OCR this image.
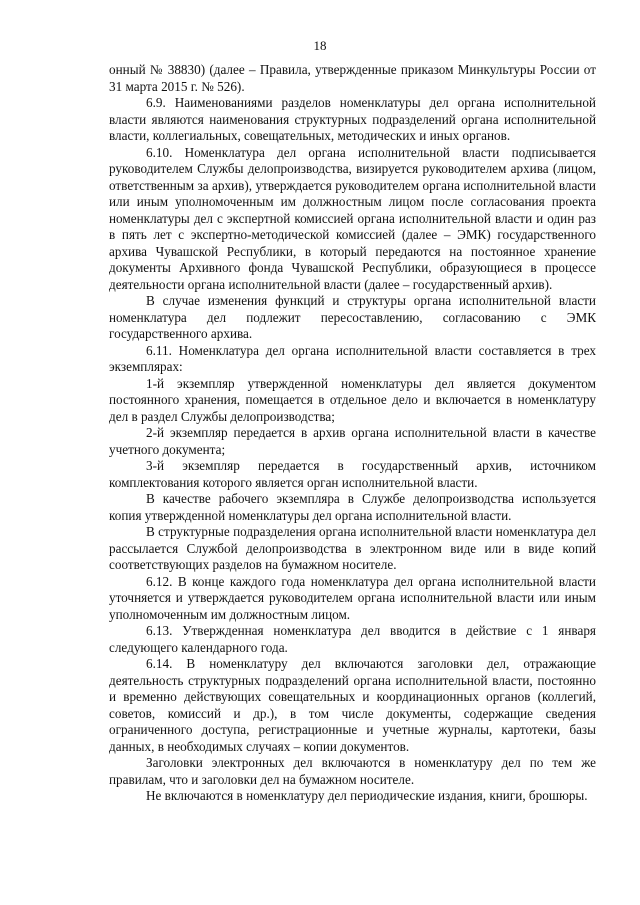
18

онный № 38830) (далее – Правила, утвержденные приказом Минкультуры России от 31 марта 2015 г. № 526).

6.9. Наименованиями разделов номенклатуры дел органа исполнительной власти являются наименования структурных подразделений органа исполнительной власти, коллегиальных, совещательных, методических и иных органов.

6.10. Номенклатура дел органа исполнительной власти подписывается руководителем Службы делопроизводства, визируется руководителем архива (лицом, ответственным за архив), утверждается руководителем органа исполнительной власти или иным уполномоченным им должностным лицом после согласования проекта номенклатуры дел с экспертной комиссией органа исполнительной власти и один раз в пять лет с экспертно-методической комиссией (далее – ЭМК) государственного архива Чувашской Республики, в который передаются на постоянное хранение документы Архивного фонда Чувашской Республики, образующиеся в процессе деятельности органа исполнительной власти (далее – государственный архив).

В случае изменения функций и структуры органа исполнительной власти номенклатура дел подлежит пересоставлению, согласованию с ЭМК государственного архива.

6.11. Номенклатура дел органа исполнительной власти составляется в трех экземплярах:

1-й экземпляр утвержденной номенклатуры дел является документом постоянного хранения, помещается в отдельное дело и включается в номенклатуру дел в раздел Службы делопроизводства;

2-й экземпляр передается в архив органа исполнительной власти в качестве учетного документа;

3-й экземпляр передается в государственный архив, источником комплектования которого является орган исполнительной власти.

В качестве рабочего экземпляра в Службе делопроизводства используется копия утвержденной номенклатуры дел органа исполнительной власти.

В структурные подразделения органа исполнительной власти номенклатура дел рассылается Службой делопроизводства в электронном виде или в виде копий соответствующих разделов на бумажном носителе.

6.12. В конце каждого года номенклатура дел органа исполнительной власти уточняется и утверждается руководителем органа исполнительной власти или иным уполномоченным им должностным лицом.

6.13. Утвержденная номенклатура дел вводится в действие с 1 января следующего календарного года.

6.14. В номенклатуру дел включаются заголовки дел, отражающие деятельность структурных подразделений органа исполнительной власти, постоянно и временно действующих совещательных и координационных органов (коллегий, советов, комиссий и др.), в том числе документы, содержащие сведения ограниченного доступа, регистрационные и учетные журналы, картотеки, базы данных, в необходимых случаях – копии документов.

Заголовки электронных дел включаются в номенклатуру дел по тем же правилам, что и заголовки дел на бумажном носителе.

Не включаются в номенклатуру дел периодические издания, книги, брошюры.
